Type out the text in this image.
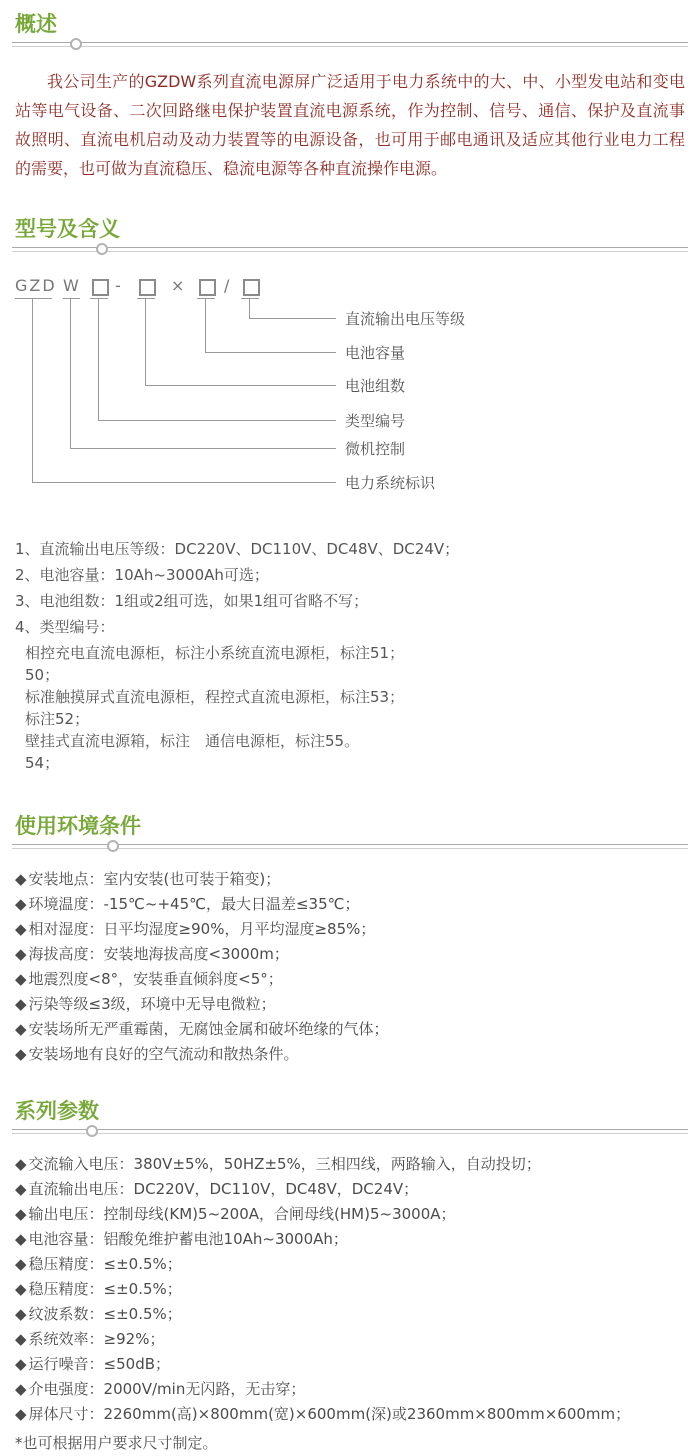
概述

我公司生产的GZDW系列直流电源屏广泛适用于电力系统中的大、中、小型发电站和变电站等电气设备、二次回路继电保护装置直流电源系统，作为控制、信号、通信、保护及直流事故照明、直流电机启动及动力装置等的电源设备，也可用于邮电通讯及适应其他行业电力工程的需要，也可做为直流稳压、稳流电源等各种直流操作电源。

型号及含义
GZD W -	× /
直流输出电压等级
电池容量
电池组数
类型编号
微机控制
电力系统标识
1、直流输出电压等级：DC220V、DC110V、DC48V、DC24V；
2、电池容量：10Ah~3000Ah可选；
3、电池组数：1组或2组可选，如果1组可省略不写；
4、类型编号：
相控充电直流电源柜，标注50；
小系统直流电源柜，标注51；
标准触摸屏式直流电源柜，标注52；
程控式直流电源柜，标注53；
壁挂式直流电源箱，标注54；
通信电源柜，标注55。
使用环境条件
◆ 安装地点：室内安装(也可装于箱变)；
◆ 环境温度：-15℃~+45℃，最大日温差≤35℃；
◆ 相对湿度：日平均湿度≥90%，月平均湿度≥85%；
◆ 海拔高度：安装地海拔高度<3000m；
◆ 地震烈度<8°，安装垂直倾斜度<5°；
◆ 污染等级≤3级，环境中无导电微粒；
◆ 安装场所无严重霉菌，无腐蚀金属和破坏绝缘的气体；
◆ 安装场地有良好的空气流动和散热条件。
系列参数
◆ 交流输入电压：380V±5%，50HZ±5%，三相四线，两路输入，自动投切；
◆ 直流输出电压：DC220V，DC110V，DC48V，DC24V；
◆ 输出电压：控制母线(KM)5~200A，合闸母线(HM)5~3000A；
◆ 电池容量：铝酸免维护蓄电池10Ah~3000Ah；
◆ 稳压精度：≤±0.5%；
◆ 稳压精度：≤±0.5%；
◆ 纹波系数：≤±0.5%；
◆ 系统效率：≥92%；
◆ 运行噪音：≤50dB；
◆ 介电强度：2000V/min无闪路，无击穿；
◆ 屏体尺寸：2260mm(高)×800mm(宽)×600mm(深)或2360mm×800mm×600mm；
*也可根据用户要求尺寸制定。
